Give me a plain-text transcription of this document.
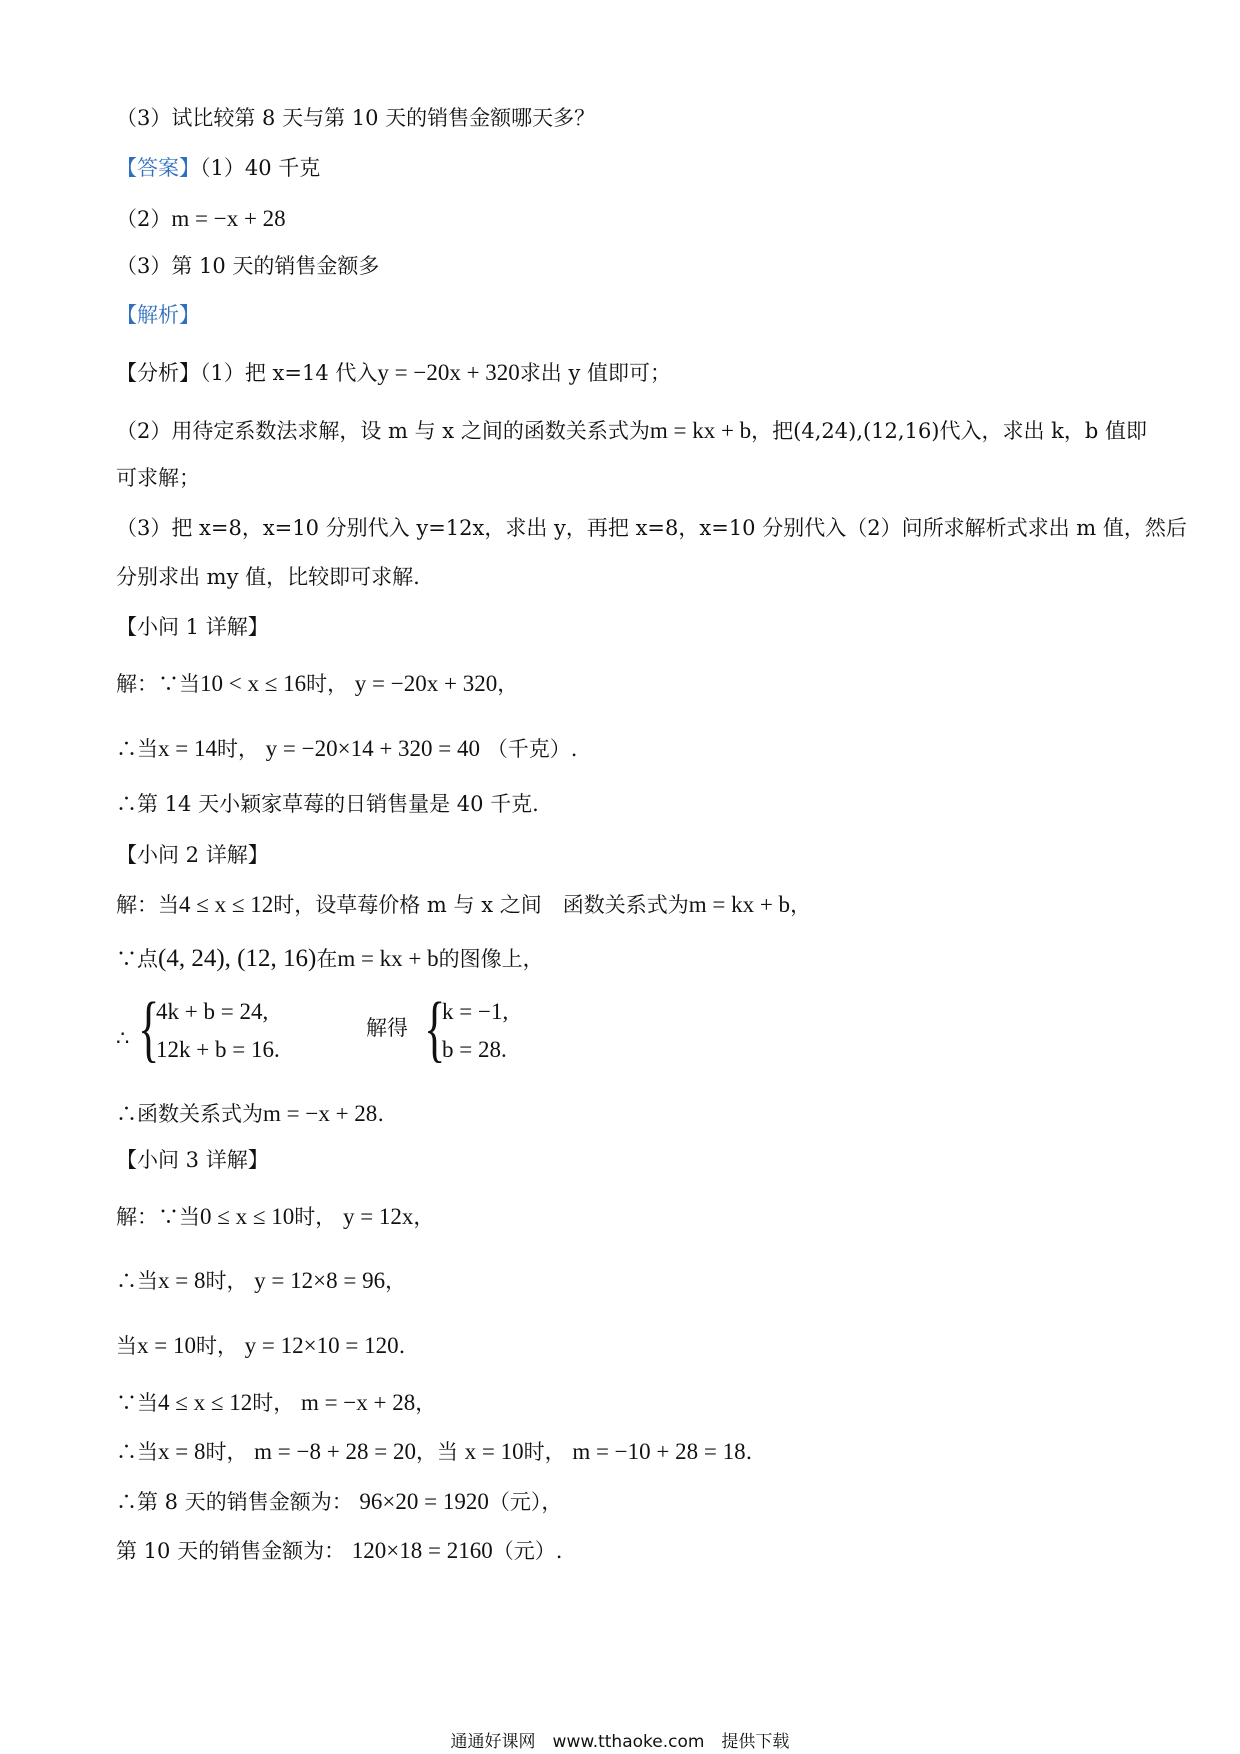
（3）试比较第 8 天与第 10 天的销售金额哪天多？
【答案】（1）40 千克
（2）m = −x + 28
（3）第 10 天的销售金额多
【解析】
【分析】（1）把 x=14 代入y = −20x + 320求出 y 值即可；
（2）用待定系数法求解，设 m 与 x 之间的函数关系式为m = kx + b，把(4,24),(12,16)代入，求出 k，b 值即
可求解；
（3）把 x=8，x=10 分别代入 y=12x，求出 y，再把 x=8，x=10 分别代入（2）问所求解析式求出 m 值，然后
分别求出 my 值，比较即可求解.
【小问 1 详解】
解：∵当10 < x ≤ 16时， y = −20x + 320，
∴当x = 14时， y = −20×14 + 320 = 40 （千克）.
∴第 14 天小颖家草莓的日销售量是 40 千克.
【小问 2 详解】
解：当4 ≤ x ≤ 12时，设草莓价格 m 与 x 之间　函数关系式为m = kx + b，
∵点(4, 24), (12, 16)在m = kx + b的图像上，
∴ {
4k + b = 24,
12k + b = 16.
解得 {
k = −1,
b = 28.
∴函数关系式为m = −x + 28.
【小问 3 详解】
解：∵当0 ≤ x ≤ 10时， y = 12x，
∴当x = 8时， y = 12×8 = 96，
当x = 10时， y = 12×10 = 120.
∵当4 ≤ x ≤ 12时， m = −x + 28，
∴当x = 8时， m = −8 + 28 = 20，当 x = 10时， m = −10 + 28 = 18.
∴第 8 天的销售金额为： 96×20 = 1920（元），
第 10 天的销售金额为： 120×18 = 2160（元）.
通通好课网　www.tthaoke.com　提供下载
